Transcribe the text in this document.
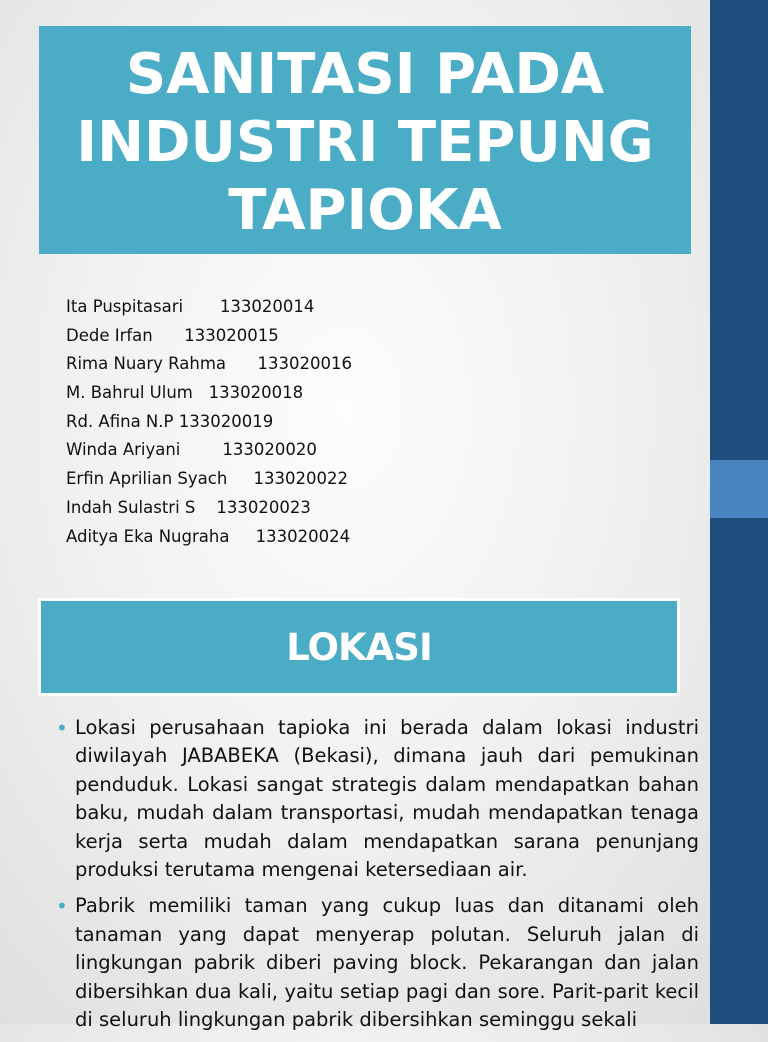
SANITASI PADA INDUSTRI TEPUNG TAPIOKA
Ita Puspitasari 133020014
Dede Irfan 133020015
Rima Nuary Rahma 133020016
M. Bahrul Ulum 133020018
Rd. Afina N.P 133020019
Winda Ariyani	133020020
Erfin Aprilian Syach 133020022
Indah Sulastri S 133020023
Aditya Eka Nugraha 133020024
LOKASI
• Lokasi perusahaan tapioka ini berada dalam lokasi industri diwilayah JABABEKA (Bekasi), dimana jauh dari pemukinan penduduk. Lokasi sangat strategis dalam mendapatkan bahan baku, mudah dalam transportasi, mudah mendapatkan tenaga kerja serta mudah dalam mendapatkan sarana penunjang produksi terutama mengenai ketersediaan air.
• Pabrik memiliki taman yang cukup luas dan ditanami oleh tanaman yang dapat menyerap polutan. Seluruh jalan di lingkungan pabrik diberi paving block. Pekarangan dan jalan dibersihkan dua kali, yaitu setiap pagi dan sore. Parit-parit kecil di seluruh lingkungan pabrik dibersihkan seminggu sekali
